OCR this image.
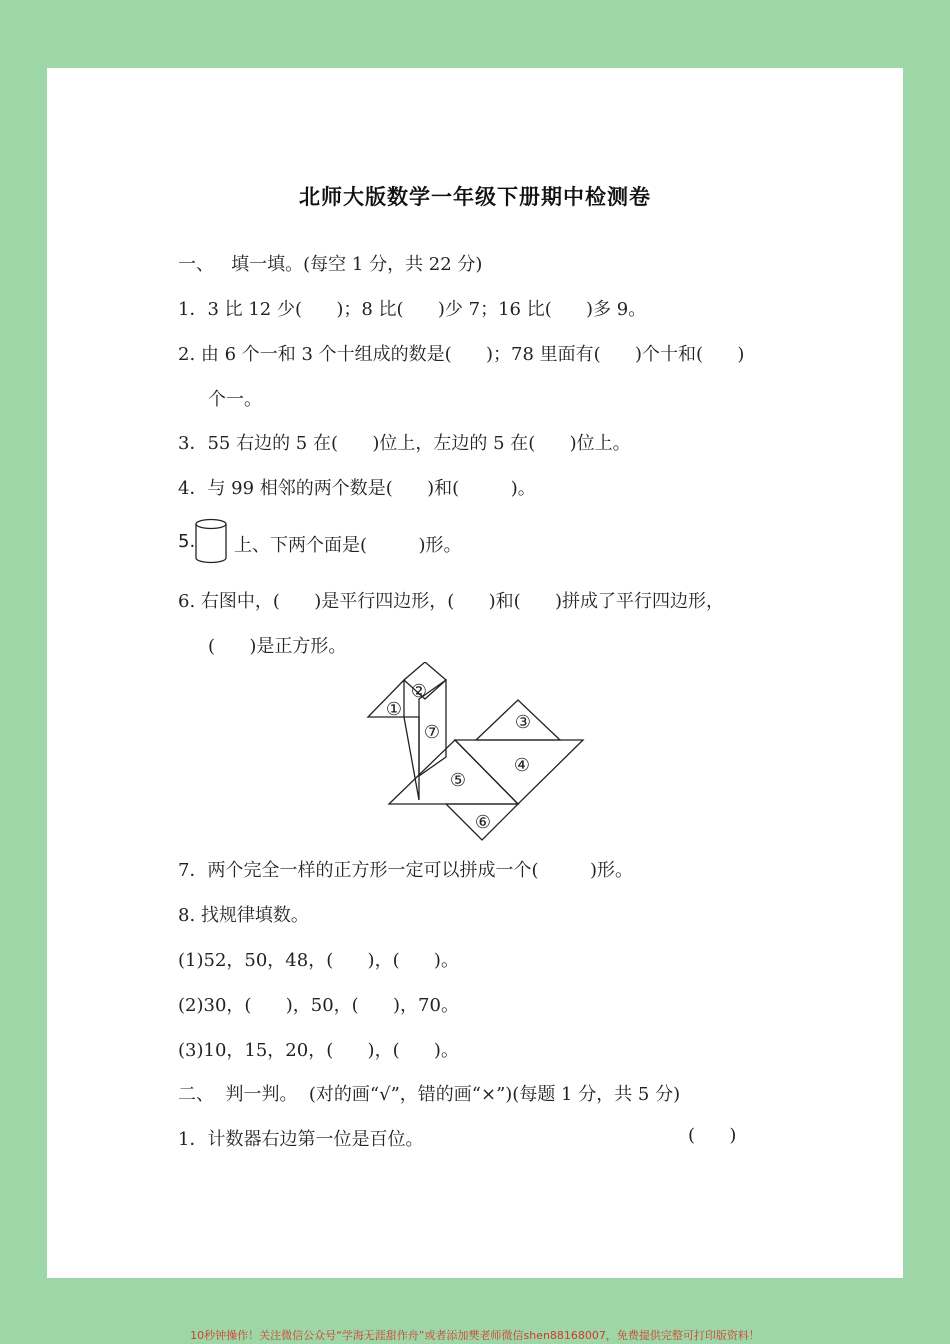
北师大版数学一年级下册期中检测卷
一、   填一填。(每空 1 分，共 22 分)
1．3 比 12 少(      )；8 比(      )少 7；16 比(      )多 9。
2. 由 6 个一和 3 个十组成的数是(      )；78 里面有(      )个十和(      )
个一。
3．55 右边的 5 在(      )位上，左边的 5 在(      )位上。
4．与 99 相邻的两个数是(      )和(         )。
5. 上、下两个面是(         )形。
6. 右图中，(      )是平行四边形，(      )和(      )拼成了平行四边形，
(      )是正方形。
①
②
③
④
⑤
⑥
⑦
7．两个完全一样的正方形一定可以拼成一个(         )形。
8. 找规律填数。
(1)52，50，48，(      )，(      )。
(2)30，(      )，50，(      )，70。
(3)10，15，20，(      )，(      )。
二、  判一判。  (对的画“√”，错的画“×”)(每题 1 分，共 5 分)
1．计数器右边第一位是百位。	(      )
10秒钟操作！关注微信公众号“学海无涯甜作舟”或者添加樊老师微信shen88168007，免费提供完整可打印版资料！
